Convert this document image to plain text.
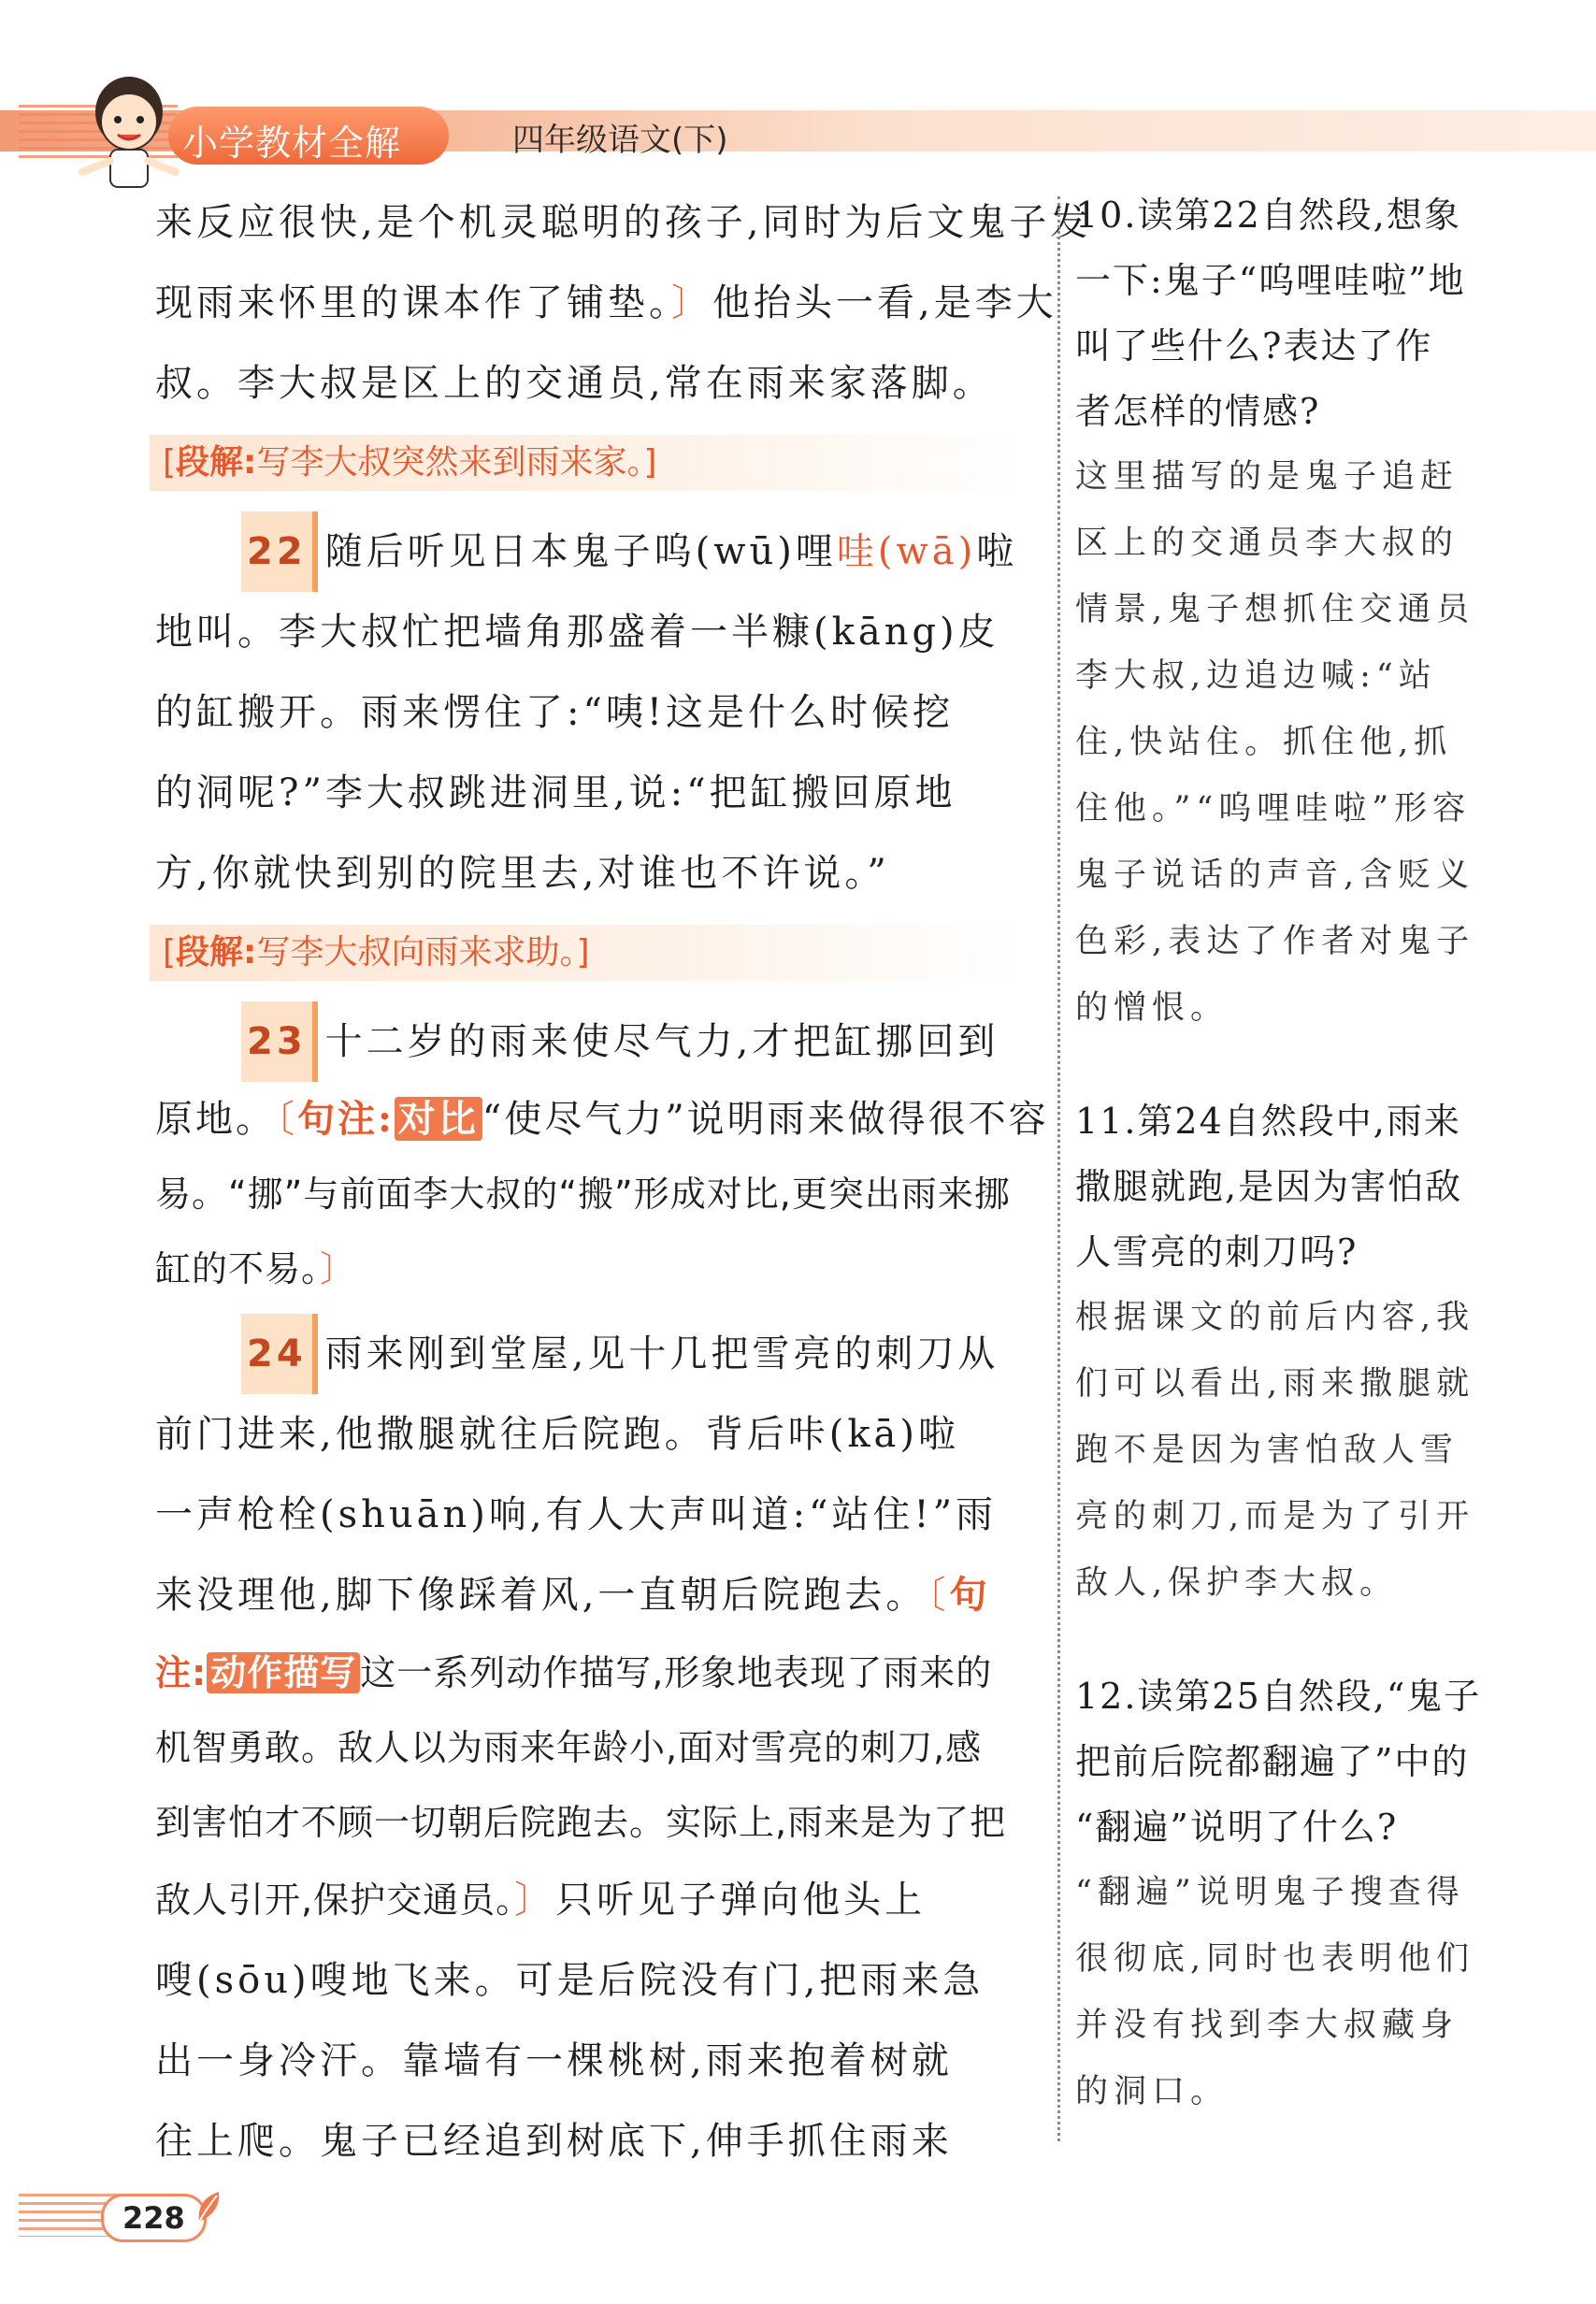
小学教材全解	四年级语文(下)
来反应很快,是个机灵聪明的孩子,同时为后文鬼子发
现雨来怀里的课本作了铺垫。〕他抬头一看,是李大
叔。李大叔是区上的交通员,常在雨来家落脚。
[段解:写李大叔突然来到雨来家。]
22 随后听见日本鬼子呜(wū)哩哇(wā)啦
地叫。李大叔忙把墙角那盛着一半糠(kāng)皮
的缸搬开。雨来愣住了:“咦!这是什么时候挖
的洞呢?”李大叔跳进洞里,说:“把缸搬回原地
方,你就快到别的院里去,对谁也不许说。”
[段解:写李大叔向雨来求助。]
23 十二岁的雨来使尽气力,才把缸挪回到
原地。〔句注: 对比 “使尽气力”说明雨来做得很不容
易。“挪”与前面李大叔的“搬”形成对比,更突出雨来挪
缸的不易。〕
24 雨来刚到堂屋,见十几把雪亮的刺刀从
前门进来,他撒腿就往后院跑。背后咔(kā)啦
一声枪栓(shuān)响,有人大声叫道:“站住!”雨
来没理他,脚下像踩着风,一直朝后院跑去。〔句
注: 动作描写 这一系列动作描写,形象地表现了雨来的
机智勇敢。敌人以为雨来年龄小,面对雪亮的刺刀,感
到害怕才不顾一切朝后院跑去。实际上,雨来是为了把
敌人引开,保护交通员。〕只听见子弹向他头上
嗖(sōu)嗖地飞来。可是后院没有门,把雨来急
出一身冷汗。靠墙有一棵桃树,雨来抱着树就
往上爬。鬼子已经追到树底下,伸手抓住雨来
10.读第22自然段,想象
一下:鬼子“呜哩哇啦”地
叫了些什么?表达了作
者怎样的情感?
这里描写的是鬼子追赶
区上的交通员李大叔的
情景,鬼子想抓住交通员
李大叔,边追边喊:“站
住,快站住。抓住他,抓
住他。”“呜哩哇啦”形容
鬼子说话的声音,含贬义
色彩,表达了作者对鬼子
的憎恨。
11.第24自然段中,雨来
撒腿就跑,是因为害怕敌
人雪亮的刺刀吗?
根据课文的前后内容,我
们可以看出,雨来撒腿就
跑不是因为害怕敌人雪
亮的刺刀,而是为了引开
敌人,保护李大叔。
12.读第25自然段,“鬼子
把前后院都翻遍了”中的
“翻遍”说明了什么?
“翻遍”说明鬼子搜查得
很彻底,同时也表明他们
并没有找到李大叔藏身
的洞口。
228
